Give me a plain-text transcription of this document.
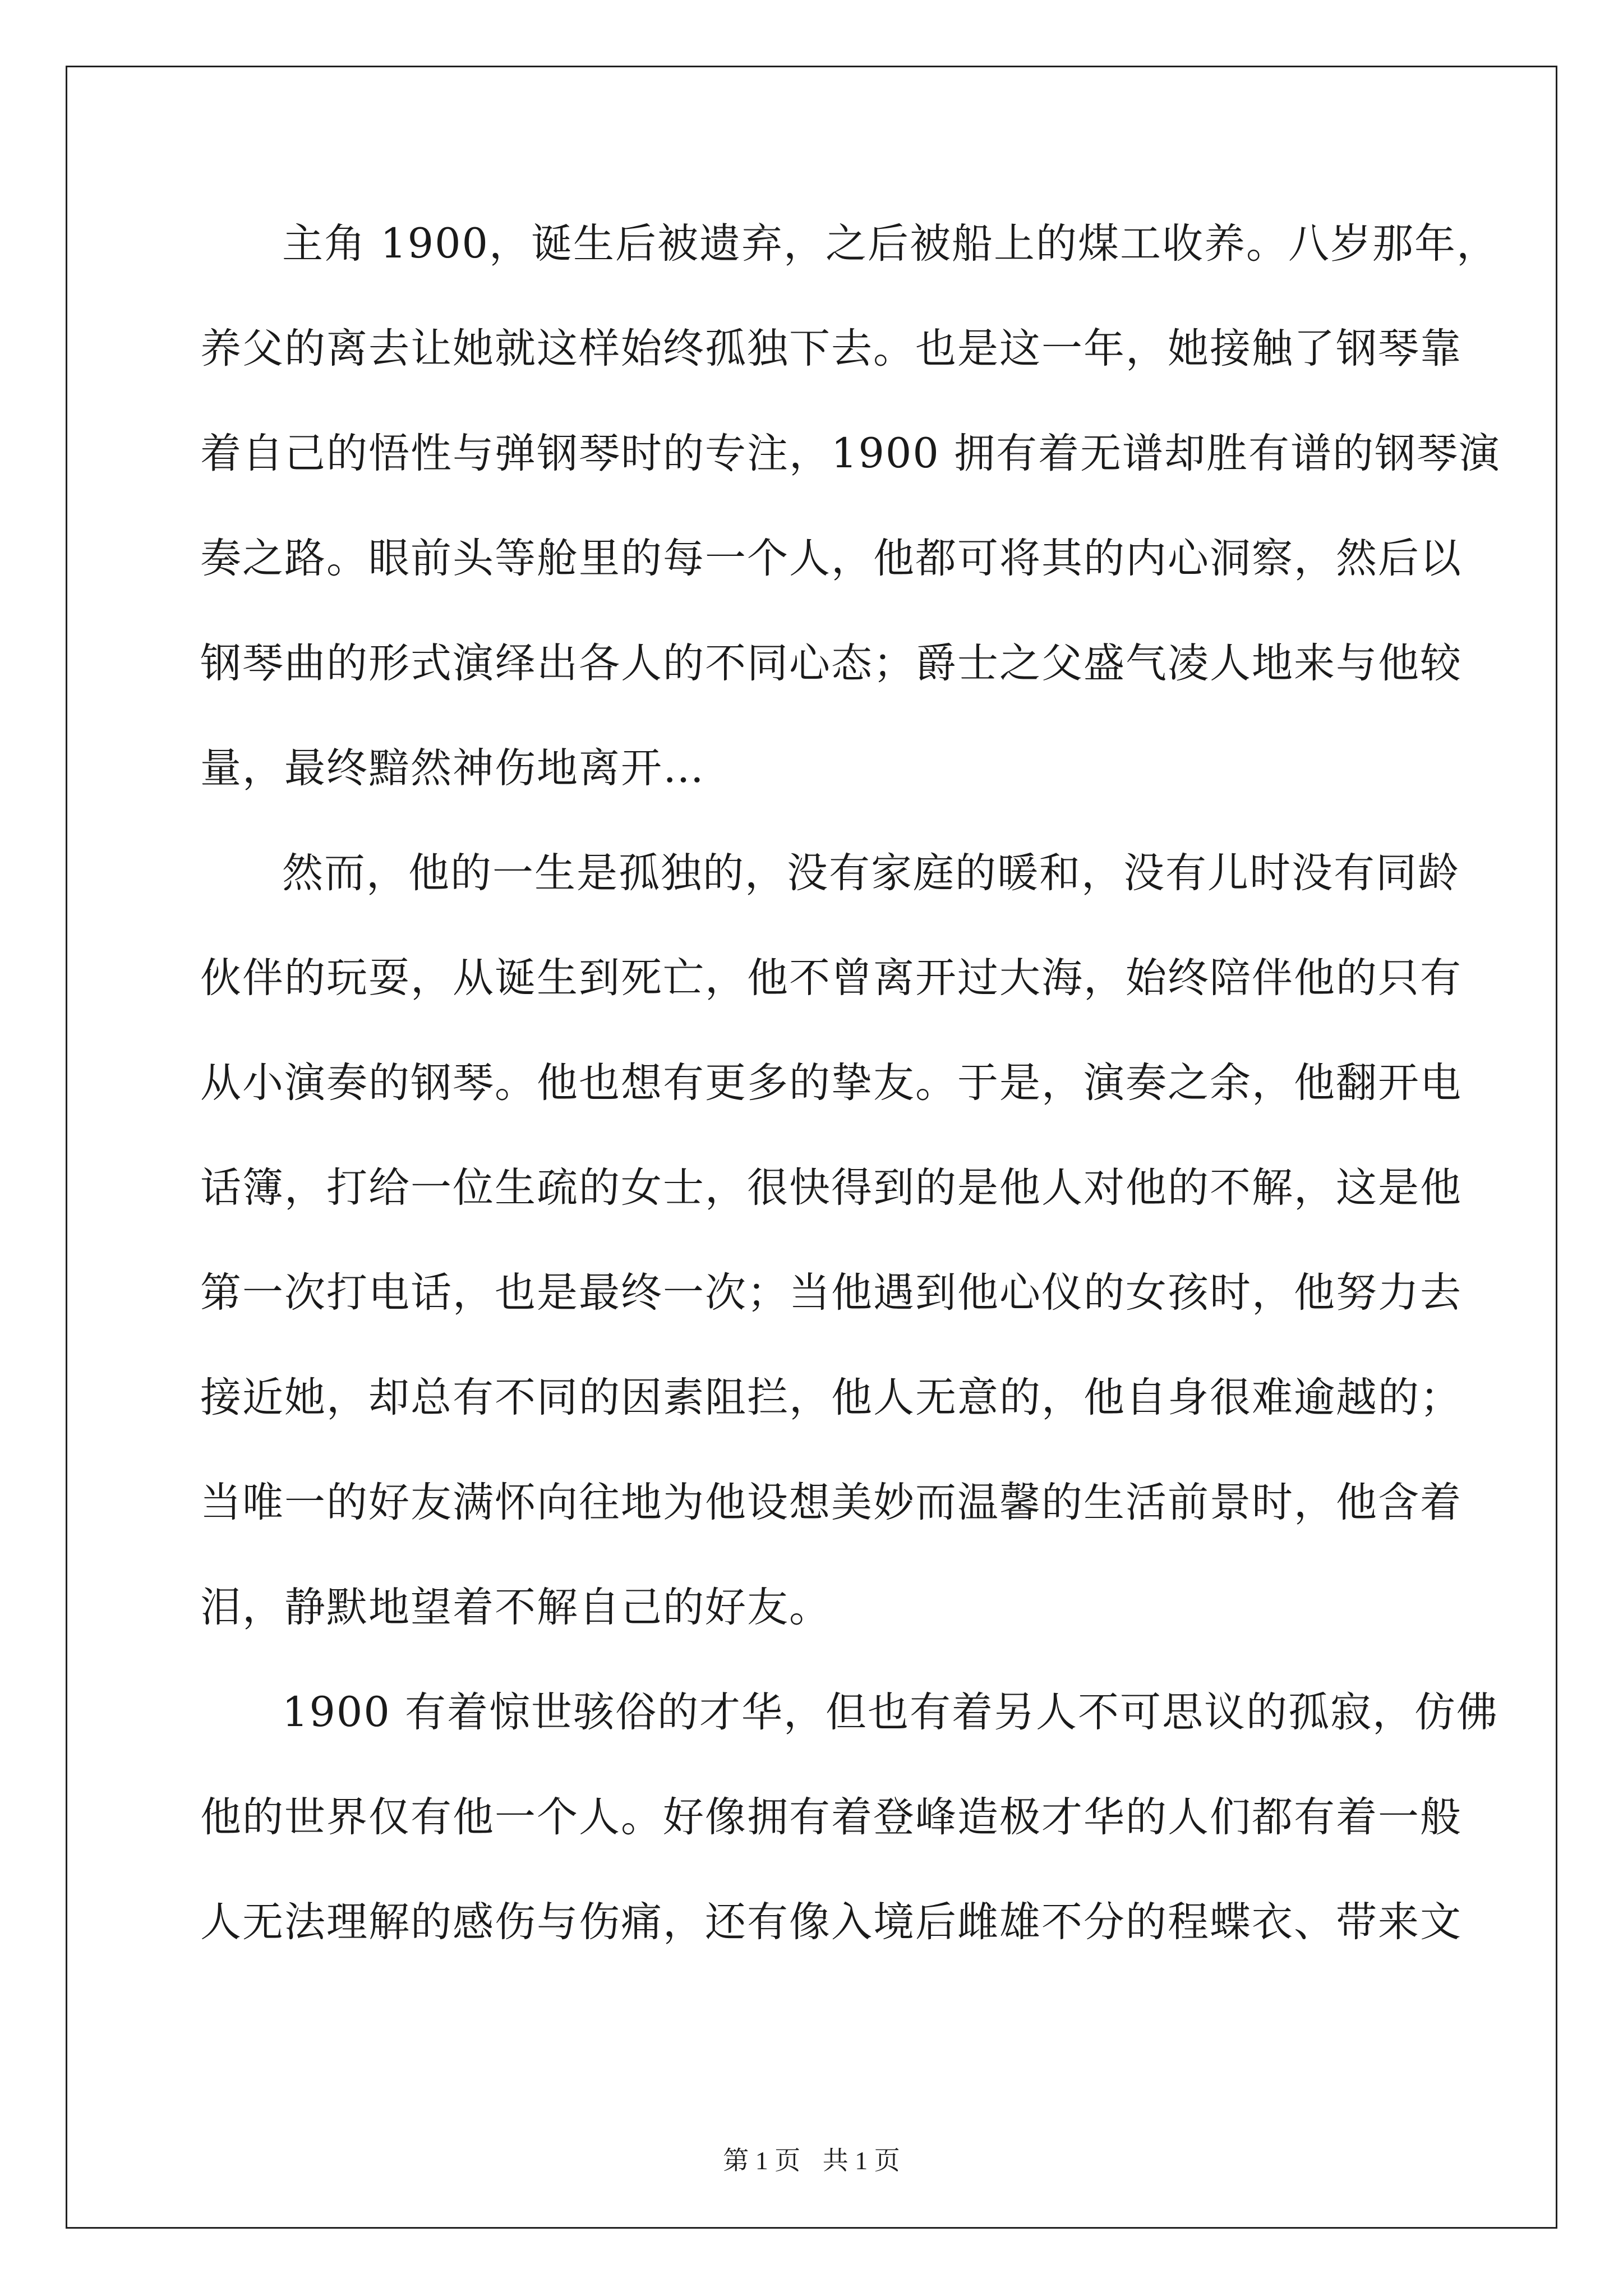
主角 1900，诞生后被遗弃，之后被船上的煤工收养。八岁那年，
养父的离去让她就这样始终孤独下去。也是这一年，她接触了钢琴靠
着自己的悟性与弹钢琴时的专注，1900 拥有着无谱却胜有谱的钢琴演
奏之路。眼前头等舱里的每一个人，他都可将其的内心洞察，然后以
钢琴曲的形式演绎出各人的不同心态；爵士之父盛气凌人地来与他较
量，最终黯然神伤地离开…
然而，他的一生是孤独的，没有家庭的暖和，没有儿时没有同龄
伙伴的玩耍，从诞生到死亡，他不曾离开过大海，始终陪伴他的只有
从小演奏的钢琴。他也想有更多的挚友。于是，演奏之余，他翻开电
话簿，打给一位生疏的女士，很快得到的是他人对他的不解，这是他
第一次打电话，也是最终一次；当他遇到他心仪的女孩时，他努力去
接近她，却总有不同的因素阻拦，他人无意的，他自身很难逾越的；
当唯一的好友满怀向往地为他设想美妙而温馨的生活前景时，他含着
泪，静默地望着不解自己的好友。
1900 有着惊世骇俗的才华，但也有着另人不可思议的孤寂，仿佛
他的世界仅有他一个人。好像拥有着登峰造极才华的人们都有着一般
人无法理解的感伤与伤痛，还有像入境后雌雄不分的程蝶衣、带来文
第 1 页 共 1 页
